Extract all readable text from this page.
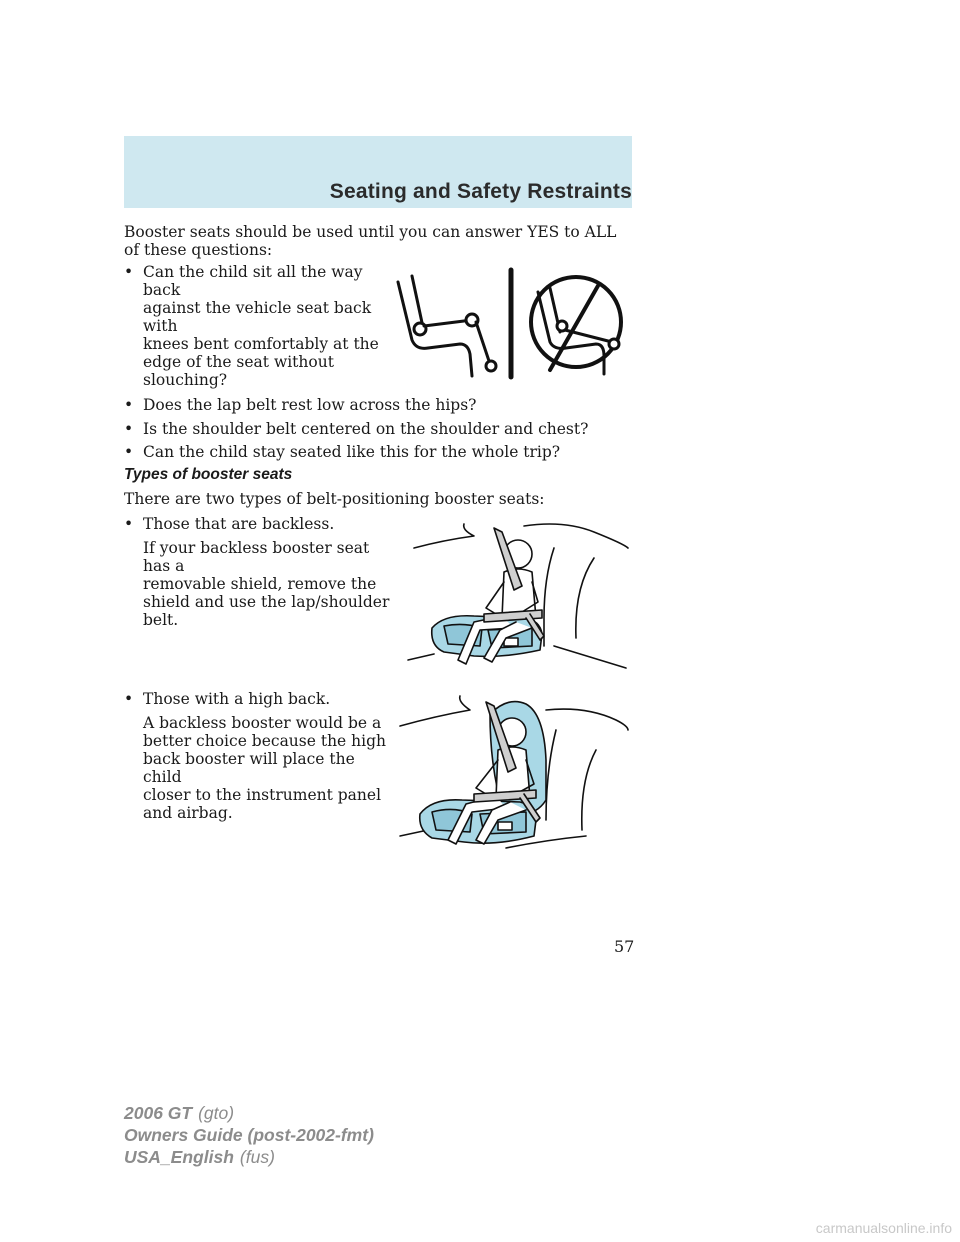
Seating and Safety Restraints

Booster seats should be used until you can answer YES to ALL of these questions:

• Can the child sit all the way back
against the vehicle seat back with
knees bent comfortably at the
edge of the seat without
slouching?
• Does the lap belt rest low across the hips?
• Is the shoulder belt centered on the shoulder and chest?
• Can the child stay seated like this for the whole trip?
Types of booster seats

There are two types of belt-positioning booster seats:

• Those that are backless.
If your backless booster seat has a
removable shield, remove the
shield and use the lap/shoulder
belt.
• Those with a high back.
A backless booster would be a
better choice because the high
back booster will place the child
closer to the instrument panel
and airbag.
57
2006 GT (gto)
Owners Guide (post-2002-fmt)
USA_English (fus)
carmanualsonline.info
